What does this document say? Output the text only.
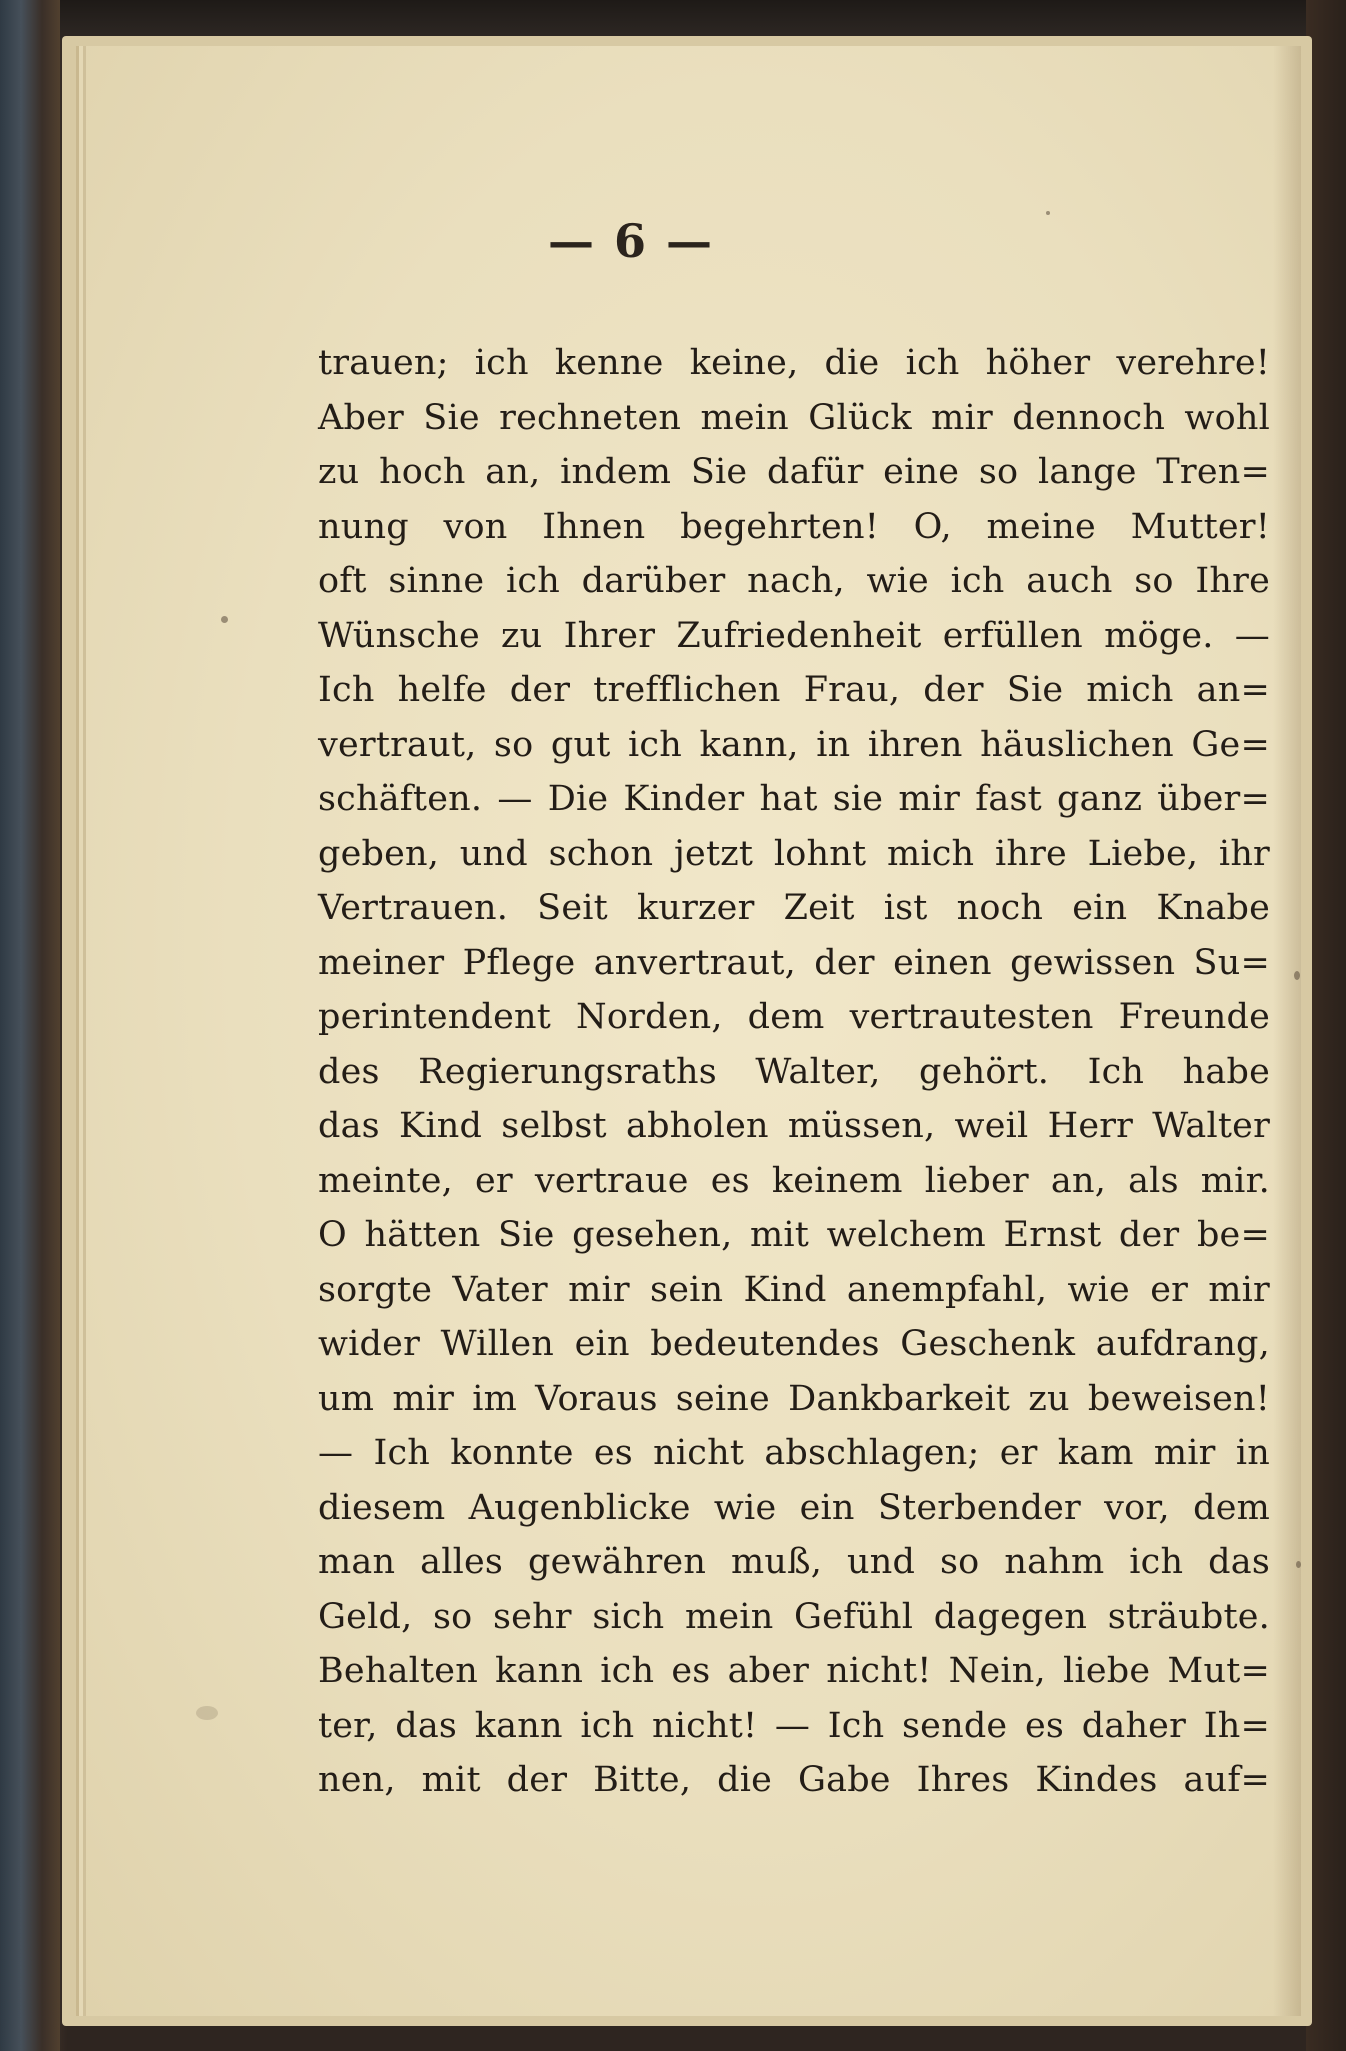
— 6 —
trauen; ich kenne keine, die ich höher verehre!
Aber Sie rechneten mein Glück mir dennoch wohl
zu hoch an, indem Sie dafür eine so lange Tren=
nung von Ihnen begehrten! O, meine Mutter!
oft sinne ich darüber nach, wie ich auch so Ihre
Wünsche zu Ihrer Zufriedenheit erfüllen möge. —
Ich helfe der trefflichen Frau, der Sie mich an=
vertraut, so gut ich kann, in ihren häuslichen Ge=
schäften. — Die Kinder hat sie mir fast ganz über=
geben, und schon jetzt lohnt mich ihre Liebe, ihr
Vertrauen. Seit kurzer Zeit ist noch ein Knabe
meiner Pflege anvertraut, der einen gewissen Su=
perintendent Norden, dem vertrautesten Freunde
des Regierungsraths Walter, gehört. Ich habe
das Kind selbst abholen müssen, weil Herr Walter
meinte, er vertraue es keinem lieber an, als mir.
O hätten Sie gesehen, mit welchem Ernst der be=
sorgte Vater mir sein Kind anempfahl, wie er mir
wider Willen ein bedeutendes Geschenk aufdrang,
um mir im Voraus seine Dankbarkeit zu beweisen!
— Ich konnte es nicht abschlagen; er kam mir in
diesem Augenblicke wie ein Sterbender vor, dem
man alles gewähren muß, und so nahm ich das
Geld, so sehr sich mein Gefühl dagegen sträubte.
Behalten kann ich es aber nicht! Nein, liebe Mut=
ter, das kann ich nicht! — Ich sende es daher Ih=
nen, mit der Bitte, die Gabe Ihres Kindes auf=
